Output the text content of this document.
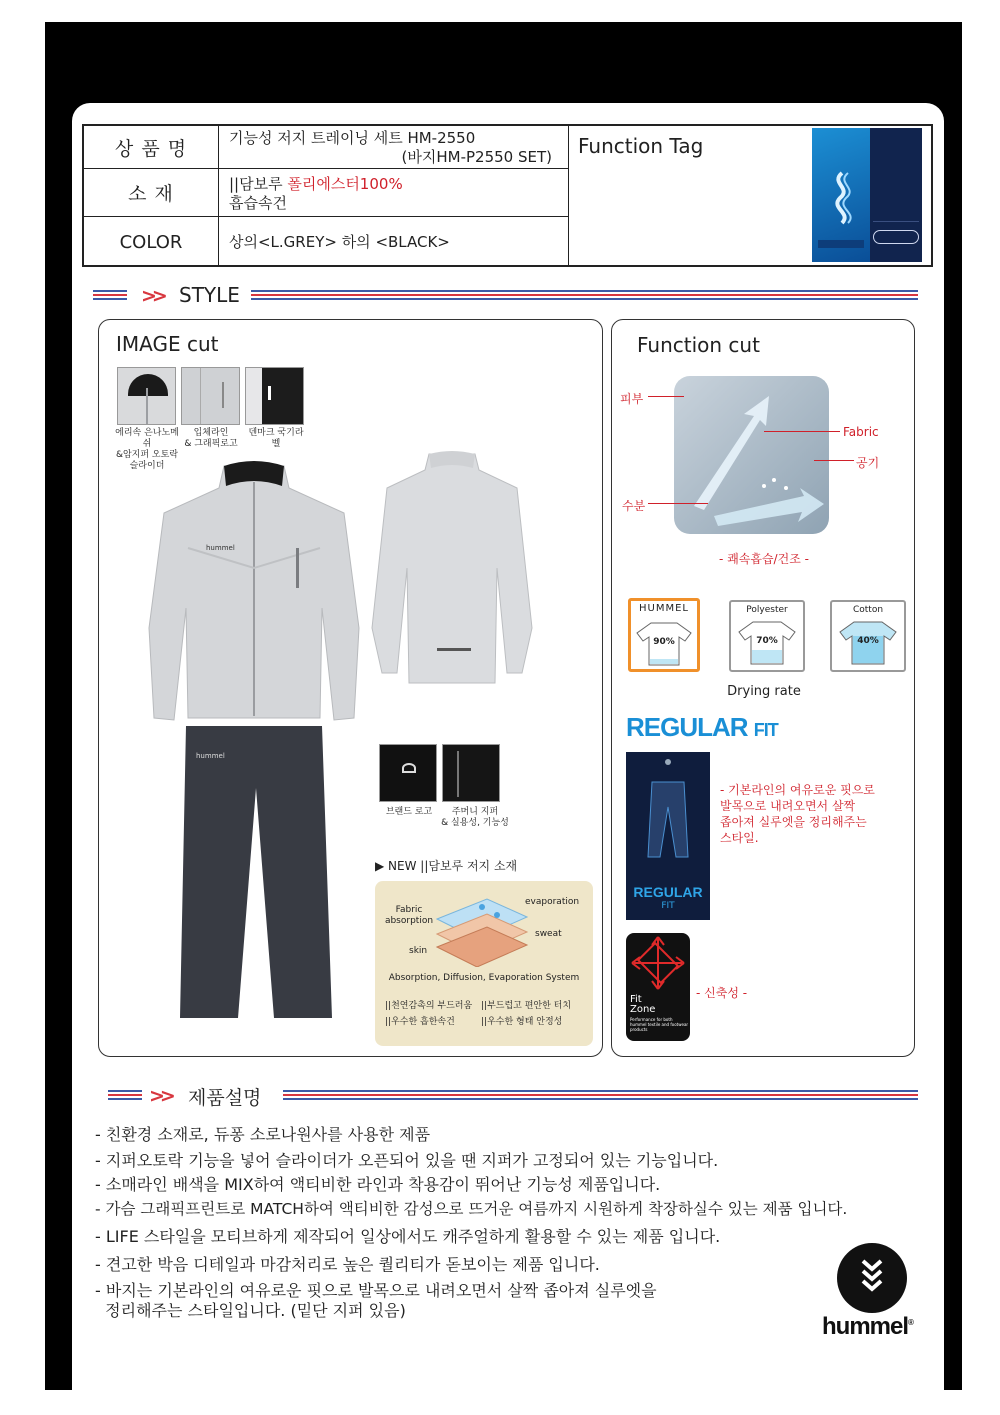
상 품 명	기능성 저지 트레이닝 세트 HM-2550
(바지HM-P2550 SET)
소 재	||담보루 폴리에스터100%
흡습속건
COLOR	상의<L.GREY> 하의 <BLACK>
Function Tag
>> STYLE
IMAGE cut
에리속 은나노메쉬
&암지퍼 오토락
슬라이더
입체라인
& 그래픽로고
덴마크 국기라벨
hummel
hummel
브랜드 로고	주머니 지퍼
& 실용성, 기능성
▶ NEW ||담보루 저지 소재
evaporation
Fabric
absorption
sweat
skin
Absorption, Diffusion, Evaporation System
||천연감촉의 부드러움 ||부드럽고 편안한 터치
||우수한 흡한속건	||우수한 형태 안정성
Function cut
피부
Fabric
공기
수분
- 쾌속흡습/건조 -
HUMMEL
90%
Polyester
70%
Cotton
40%
Drying rate
REGULAR FIT
REGULAR
FIT
- 기본라인의 여유로운 핏으로
발목으로 내려오면서 살짝
좁아져 실루엣을 정리해주는
스타일.
Fit
Zone
Performance for both
hummel textile and footwear
products
- 신축성 -
>> 제품설명
- 친환경 소재로, 듀퐁 소로나원사를 사용한 제품
- 지퍼오토락 기능을 넣어 슬라이더가 오픈되어 있을 땐 지퍼가 고정되어 있는 기능입니다.
- 소매라인 배색을 MIX하여 액티비한 라인과 착용감이 뛰어난 기능성 제품입니다.
- 가슴 그래픽프린트로 MATCH하여 액티비한 감성으로 뜨거운 여름까지 시원하게 착장하실수 있는 제품 입니다.
- LIFE 스타일을 모티브하게 제작되어 일상에서도 캐주얼하게 활용할 수 있는 제품 입니다.
- 견고한 박음 디테일과 마감처리로 높은 퀄리티가 돋보이는 제품 입니다.
- 바지는 기본라인의 여유로운 핏으로 발목으로 내려오면서 살짝 좁아져 실루엣을
정리해주는 스타일입니다. (밑단 지퍼 있음)
hummel®
